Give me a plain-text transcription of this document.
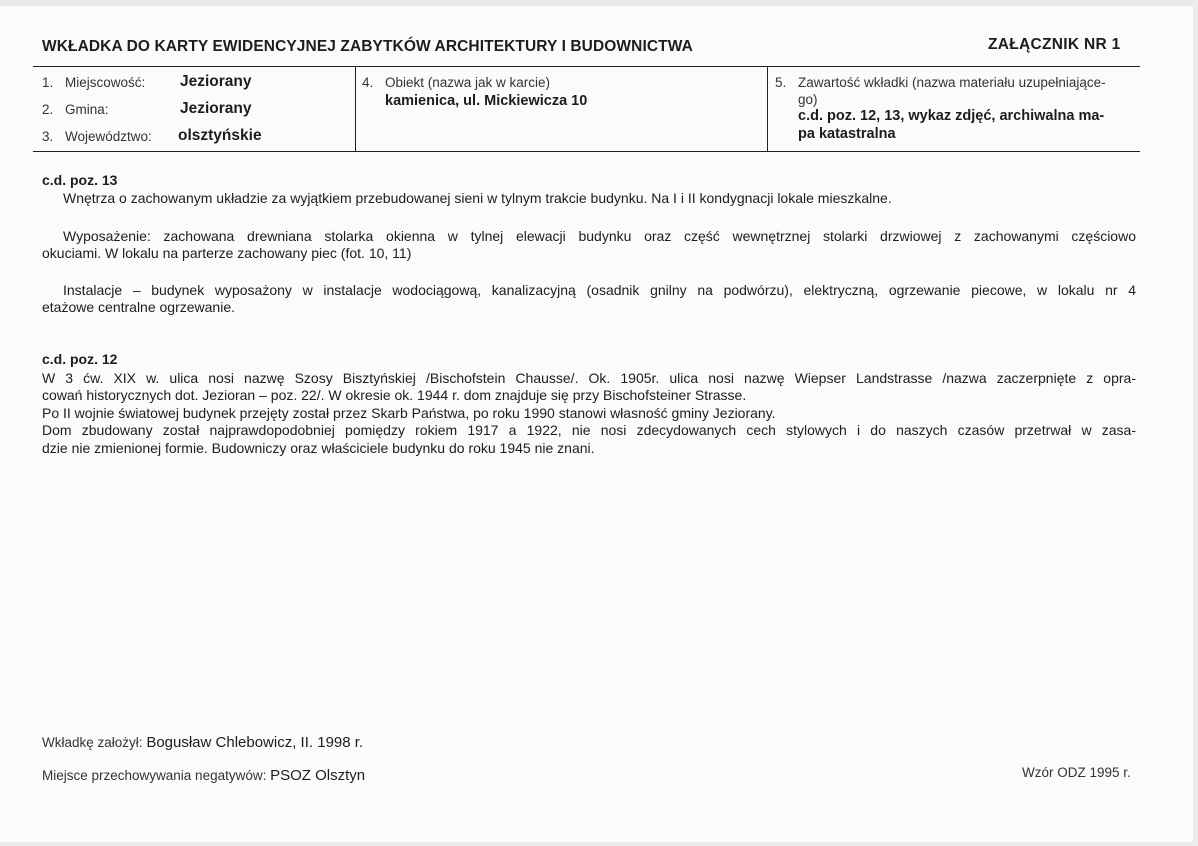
WKŁADKA DO KARTY EWIDENCYJNEJ ZABYTKÓW ARCHITEKTURY I BUDOWNICTWA	ZAŁĄCZNIK NR 1
1. Miejscowość: Jeziorany
2. Gmina:	Jeziorany
3. Województwo: olsztyńskie
4. Obiekt (nazwa jak w karcie)
kamienica, ul. Mickiewicza 10
5. Zawartość wkładki (nazwa materiału uzupełniające-
go)
c.d. poz. 12, 13, wykaz zdjęć, archiwalna ma-
pa katastralna
c.d. poz. 13
Wnętrza o zachowanym układzie za wyjątkiem przebudowanej sieni w tylnym trakcie budynku. Na I i II kondygnacji lokale mieszkalne.
Wyposażenie: zachowana drewniana stolarka okienna w tylnej elewacji budynku oraz część wewnętrznej stolarki drzwiowej z zachowanymi częściowo
okuciami. W lokalu na parterze zachowany piec (fot. 10, 11)
Instalacje – budynek wyposażony w instalacje wodociągową, kanalizacyjną (osadnik gnilny na podwórzu), elektryczną, ogrzewanie piecowe, w lokalu nr 4
etażowe centralne ogrzewanie.
c.d. poz. 12
W 3 ćw. XIX w. ulica nosi nazwę Szosy Bisztyńskiej /Bischofstein Chausse/. Ok. 1905r. ulica nosi nazwę Wiepser Landstrasse /nazwa zaczerpnięte z opra-
cowań historycznych dot. Jezioran – poz. 22/. W okresie ok. 1944 r. dom znajduje się przy Bischofsteiner Strasse.
Po II wojnie światowej budynek przejęty został przez Skarb Państwa, po roku 1990 stanowi własność gminy Jeziorany.
Dom zbudowany został najprawdopodobniej pomiędzy rokiem 1917 a 1922, nie nosi zdecydowanych cech stylowych i do naszych czasów przetrwał w zasa-
dzie nie zmienionej formie. Budowniczy oraz właściciele budynku do roku 1945 nie znani.
Wkładkę założył: Bogusław Chlebowicz, II. 1998 r.
Miejsce przechowywania negatywów: PSOZ Olsztyn	Wzór ODZ 1995 r.
